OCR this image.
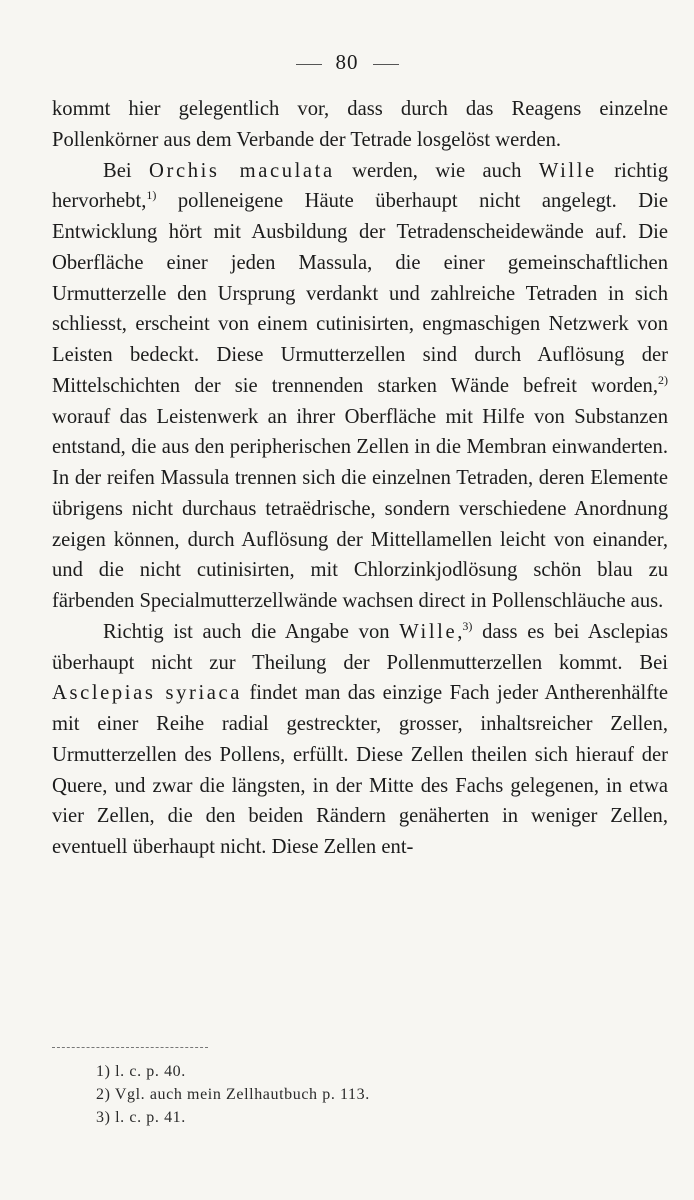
80

kommt hier gelegentlich vor, dass durch das Reagens einzelne Pollenkörner aus dem Verbande der Tetrade losgelöst werden.

Bei Orchis maculata werden, wie auch Wille richtig hervorhebt,$^{1)}$ polleneigene Häute überhaupt nicht angelegt. Die Entwicklung hört mit Ausbildung der Tetradenscheidewände auf. Die Oberfläche einer jeden Massula, die einer gemeinschaftlichen Urmutterzelle den Ursprung verdankt und zahlreiche Tetraden in sich schliesst, erscheint von einem cutinisirten, engmaschigen Netzwerk von Leisten bedeckt. Diese Urmutterzellen sind durch Auflösung der Mittelschichten der sie trennenden starken Wände befreit worden,$^{2)}$ worauf das Leistenwerk an ihrer Oberfläche mit Hilfe von Substanzen entstand, die aus den peripherischen Zellen in die Membran einwanderten. In der reifen Massula trennen sich die einzelnen Tetraden, deren Elemente übrigens nicht durchaus tetraëdrische, sondern verschiedene Anordnung zeigen können, durch Auflösung der Mittellamellen leicht von einander, und die nicht cutinisirten, mit Chlorzinkjodlösung schön blau zu färbenden Specialmutterzellwände wachsen direct in Pollenschläuche aus.

Richtig ist auch die Angabe von Wille,$^{3)}$ dass es bei Asclepias überhaupt nicht zur Theilung der Pollenmutterzellen kommt. Bei Asclepias syriaca findet man das einzige Fach jeder Antherenhälfte mit einer Reihe radial gestreckter, grosser, inhaltsreicher Zellen, Urmutterzellen des Pollens, erfüllt. Diese Zellen theilen sich hierauf der Quere, und zwar die längsten, in der Mitte des Fachs gelegenen, in etwa vier Zellen, die den beiden Rändern genäherten in weniger Zellen, eventuell überhaupt nicht. Diese Zellen ent-

1) l. c. p. 40.
2) Vgl. auch mein Zellhautbuch p. 113.
3) l. c. p. 41.
